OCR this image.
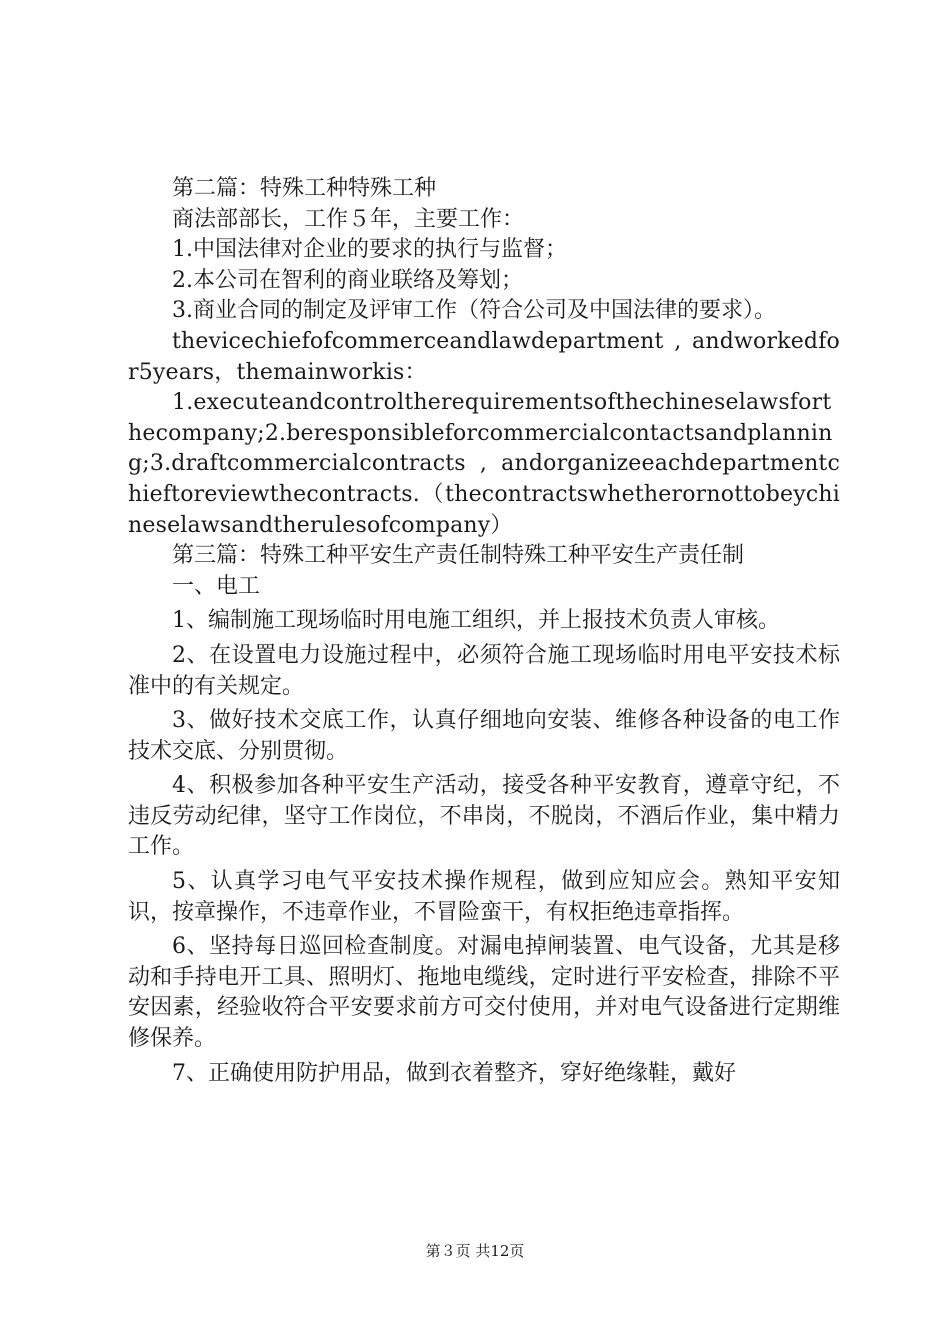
第二篇：特殊工种特殊工种

商法部部长，工作５年，主要工作：

1.中国法律对企业的要求的执行与监督；

2.本公司在智利的商业联络及筹划；

3.商业合同的制定及评审工作（符合公司及中国法律的要求）。

thevicechiefofcommerceandlawdepartment , andworkedfor5years，themainworkis：

1.executeandcontroltherequirementsofthechineselawsforthecompany;2.beresponsibleforcommercialcontactsandplanning;3.draftcommercialcontracts , andorganizeeachdepartmentchieftoreviewthecontracts.（thecontractswhetherornottobeychineselawsandtherulesofcompany）

第三篇：特殊工种平安生产责任制特殊工种平安生产责任制

一、电工

1、编制施工现场临时用电施工组织，并上报技术负责人审核。

2、在设置电力设施过程中，必须符合施工现场临时用电平安技术标准中的有关规定。

3、做好技术交底工作，认真仔细地向安装、维修各种设备的电工作技术交底、分别贯彻。

4、积极参加各种平安生产活动，接受各种平安教育，遵章守纪，不违反劳动纪律，坚守工作岗位，不串岗，不脱岗，不酒后作业，集中精力工作。

5、认真学习电气平安技术操作规程，做到应知应会。熟知平安知识，按章操作，不违章作业，不冒险蛮干，有权拒绝违章指挥。

6、坚持每日巡回检查制度。对漏电掉闸装置、电气设备，尤其是移动和手持电开工具、照明灯、拖地电缆线，定时进行平安检查，排除不平安因素，经验收符合平安要求前方可交付使用，并对电气设备进行定期维修保养。

7、正确使用防护用品，做到衣着整齐，穿好绝缘鞋，戴好

第３页 共12页
